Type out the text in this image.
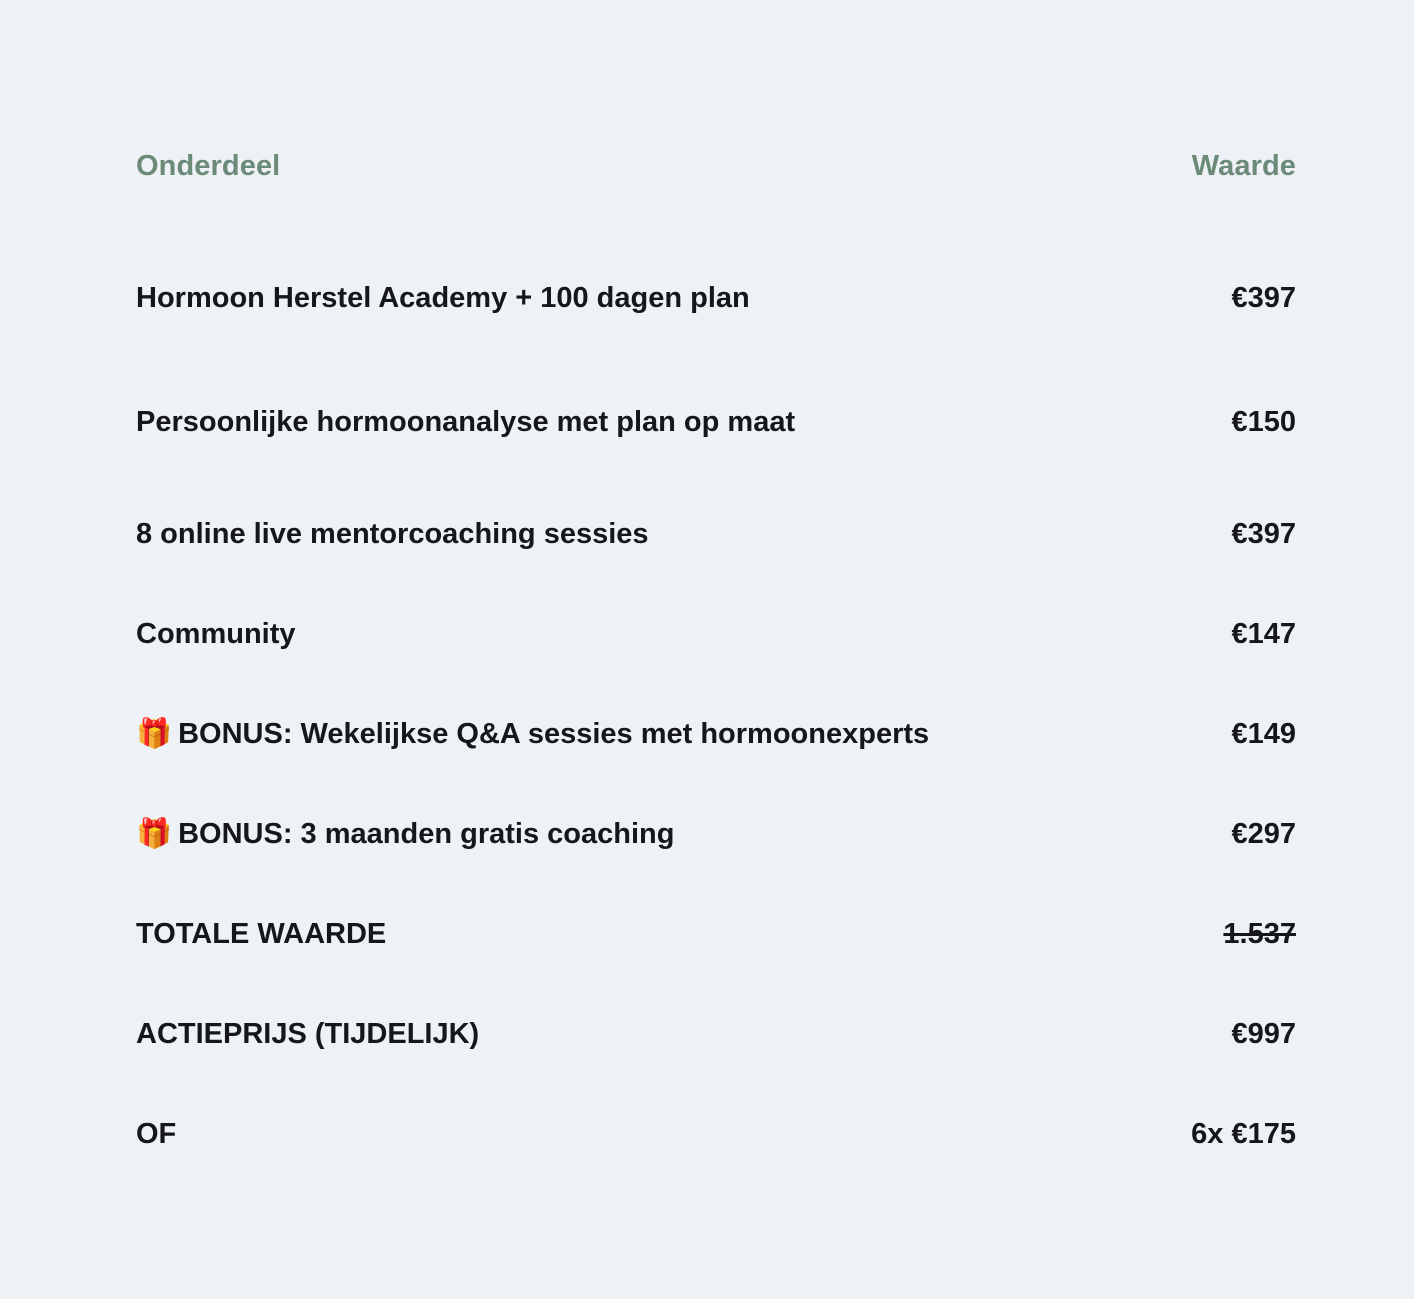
Onderdeel	Waarde
Hormoon Herstel Academy + 100 dagen plan	€397
Persoonlijke hormoonanalyse met plan op maat	€150
8 online live mentorcoaching sessies	€397
Community	€147
🎁 BONUS: Wekelijkse Q&A sessies met hormoonexperts	€149
🎁 BONUS: 3 maanden gratis coaching	€297
TOTALE WAARDE	1.537
ACTIEPRIJS (TIJDELIJK)	€997
OF	6x €175
